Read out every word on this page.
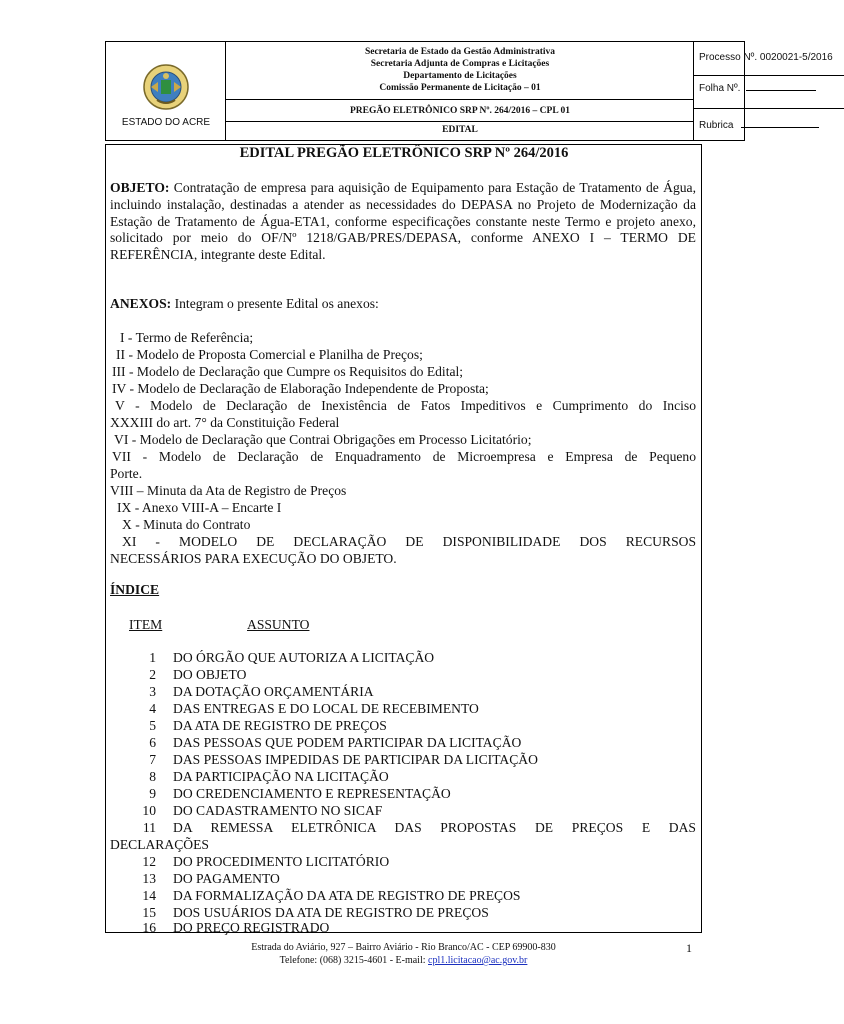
ESTADO DO ACRE
Secretaria de Estado da Gestão Administrativa
Secretaria Adjunta de Compras e Licitações
Departamento de Licitações
Comissão Permanente de Licitação – 01
PREGÃO ELETRÔNICO SRP Nº. 264/2016 – CPL 01
EDITAL
Processo Nº. 0020021-5/2016
Folha Nº.
Rubrica
EDITAL PREGÃO ELETRÔNICO SRP Nº 264/2016
OBJETO: Contratação de empresa para aquisição de Equipamento para Estação de Tratamento de Água, incluindo instalação, destinadas a atender as necessidades do DEPASA no Projeto de Modernização da Estação de Tratamento de Água-ETA1, conforme especificações constante neste Termo e projeto anexo, solicitado por meio do OF/Nº 1218/GAB/PRES/DEPASA, conforme ANEXO I – TERMO DE REFERÊNCIA, integrante deste Edital.
ANEXOS: Integram o presente Edital os anexos:
I - Termo de Referência;
II - Modelo de Proposta Comercial e Planilha de Preços;
III - Modelo de Declaração que Cumpre os Requisitos do Edital;
IV - Modelo de Declaração de Elaboração Independente de Proposta;
V - Modelo de Declaração de Inexistência de Fatos Impeditivos e Cumprimento do Inciso
XXXIII do art. 7° da Constituição Federal
VI - Modelo de Declaração que Contrai Obrigações em Processo Licitatório;
VII - Modelo de Declaração de Enquadramento de Microempresa e Empresa de Pequeno
Porte.
VIII – Minuta da Ata de Registro de Preços
IX - Anexo VIII-A – Encarte I
X - Minuta do Contrato
XI - MODELO DE DECLARAÇÃO DE DISPONIBILIDADE DOS RECURSOS
NECESSÁRIOS PARA EXECUÇÃO DO OBJETO.
ÍNDICE
ITEM	ASSUNTO
1 DO ÓRGÃO QUE AUTORIZA A LICITAÇÃO
2 DO OBJETO
3 DA DOTAÇÃO ORÇAMENTÁRIA
4 DAS ENTREGAS E DO LOCAL DE RECEBIMENTO
5 DA ATA DE REGISTRO DE PREÇOS
6 DAS PESSOAS QUE PODEM PARTICIPAR DA LICITAÇÃO
7 DAS PESSOAS IMPEDIDAS DE PARTICIPAR DA LICITAÇÃO
8 DA PARTICIPAÇÃO NA LICITAÇÃO
9 DO CREDENCIAMENTO E REPRESENTAÇÃO
10 DO CADASTRAMENTO NO SICAF
11 DA REMESSA ELETRÔNICA DAS PROPOSTAS DE PREÇOS E DAS
DECLARAÇÕES
12 DO PROCEDIMENTO LICITATÓRIO
13 DO PAGAMENTO
14 DA FORMALIZAÇÃO DA ATA DE REGISTRO DE PREÇOS
15 DOS USUÁRIOS DA ATA DE REGISTRO DE PREÇOS
16 DO PREÇO REGISTRADO
Estrada do Aviário, 927 – Bairro Aviário - Rio Branco/AC - CEP 69900-830
Telefone: (068) 3215-4601 - E-mail: cpl1.licitacao@ac.gov.br
1
